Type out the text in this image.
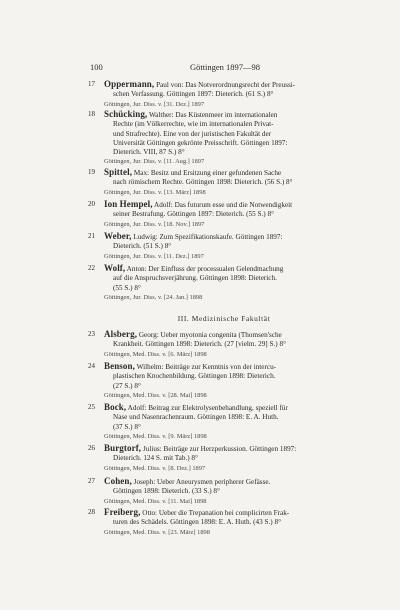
100	Göttingen 1897—98
17	Oppermann, Paul von: Das Notverordnungsrecht der Preussi-
schen Verfassung. Göttingen 1897: Dieterich. (61 S.) 8°
Göttingen, Jur. Diss. v. [31. Dez.] 1897
18	Schücking, Walther: Das Küstenmeer im internationalen
Rechte (im Völkerrechte, wie im internationalen Privat-
und Strafrechte). Eine von der juristischen Fakultät der
Universität Göttingen gekrönte Preisschrift. Göttingen 1897:
Dieterich. VIII, 87 S.) 8°
Göttingen, Jur. Diss. v. [11. Aug.] 1897
19	Spittel, Max: Besitz und Ersitzung einer gefundenen Sache
nach römischem Rechte. Göttingen 1898: Dieterich. (56 S.) 8°
Göttingen, Jur. Diss. v. [13. März] 1898
20	Ion Hempel, Adolf: Das futurum esse und die Notwendigkeit
seiner Bestrafung. Göttingen 1897: Dieterich. (55 S.) 8°
Göttingen, Jur. Diss. v. [18. Nov.] 1897
21	Weber, Ludwig: Zum Spezifikationskaufe. Göttingen 1897:
Dieterich. (51 S.) 8°
Göttingen, Jur. Diss. v. [11. Dez.] 1897
22	Wolf, Anton: Der Einfluss der processualen Gelendmachung
auf die Anspruchsverjährung. Göttingen 1898: Dieterich.
(55 S.) 8°
Göttingen, Jur. Diss. v. [24. Jan.] 1898
III. Medizinische Fakultät
23	Alsberg, Georg: Ueber myotonia congenita (Thomsen'sche
Krankheit. Göttingen 1898: Dieterich. (27 [vielm. 29] S.) 8°
Göttingen, Med. Diss. v. [6. März] 1898
24	Benson, Wilhelm: Beiträge zur Kenntnis von der intercu-
plastischen Knochenbildung. Göttingen 1898: Dieterich.
(27 S.) 8°
Göttingen, Med. Diss. v. [28. Mai] 1898
25	Bock, Adolf: Beitrag zur Elektrolysenbehandlung, speziell für
Nase und Nasenrachenraum. Göttingen 1898: E. A. Huth.
(37 S.) 8°
Göttingen, Med. Diss. v. [9. März] 1898
26	Burgtorf, Julius: Beiträge zur Herzperkussion. Göttingen 1897:
Dieterich. 124 S. mit Tab.) 8°
Göttingen, Med. Diss. v. [8. Dez.] 1897
27	Cohen, Joseph: Ueber Aneurysmen peripherer Gefässe.
Göttingen 1898: Dieterich. (33 S.) 8°
Göttingen, Med. Diss. v. [11. Mai] 1898
28	Freiberg, Otto: Ueber die Trepanation bei complicirten Frak-
turen des Schädels. Göttingen 1898: E. A. Huth. (43 S.) 8°
Göttingen, Med. Diss. v. [23. März] 1898
